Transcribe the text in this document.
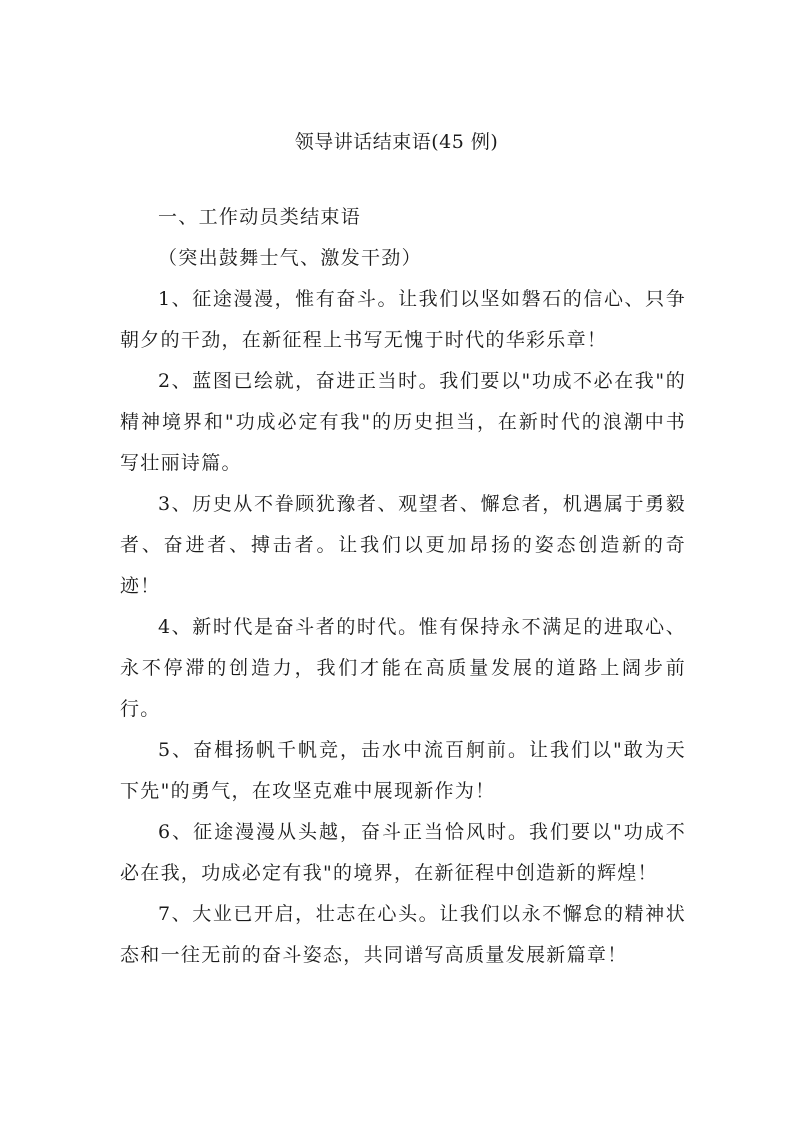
领导讲话结束语(45 例)

一、工作动员类结束语

（突出鼓舞士气、激发干劲）

1、征途漫漫，惟有奋斗。让我们以坚如磐石的信心、只争朝夕的干劲，在新征程上书写无愧于时代的华彩乐章！

2、蓝图已绘就，奋进正当时。我们要以"功成不必在我"的精神境界和"功成必定有我"的历史担当，在新时代的浪潮中书写壮丽诗篇。

3、历史从不眷顾犹豫者、观望者、懈怠者，机遇属于勇毅者、奋进者、搏击者。让我们以更加昂扬的姿态创造新的奇迹！

4、新时代是奋斗者的时代。惟有保持永不满足的进取心、永不停滞的创造力，我们才能在高质量发展的道路上阔步前行。

5、奋楫扬帆千帆竞，击水中流百舸前。让我们以"敢为天下先"的勇气，在攻坚克难中展现新作为！

6、征途漫漫从头越，奋斗正当恰风时。我们要以"功成不必在我，功成必定有我"的境界，在新征程中创造新的辉煌！

7、大业已开启，壮志在心头。让我们以永不懈怠的精神状态和一往无前的奋斗姿态，共同谱写高质量发展新篇章！
